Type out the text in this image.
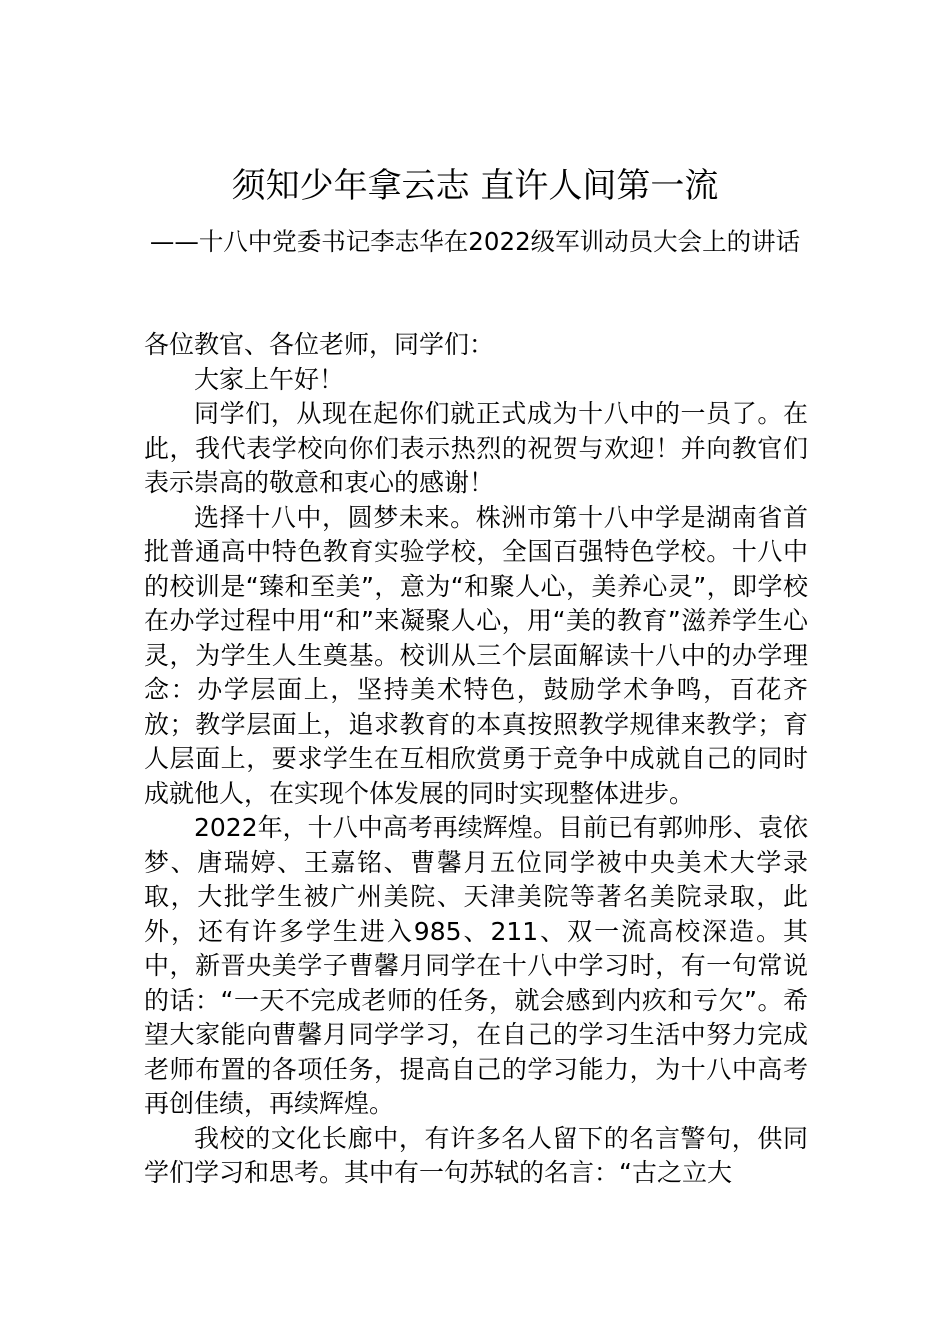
须知少年拿云志 直许人间第一流
——十八中党委书记李志华在2022级军训动员大会上的讲话

各位教官、各位老师，同学们：

大家上午好！

同学们，从现在起你们就正式成为十八中的一员了。在此，我代表学校向你们表示热烈的祝贺与欢迎！并向教官们表示崇高的敬意和衷心的感谢！

选择十八中，圆梦未来。株洲市第十八中学是湖南省首批普通高中特色教育实验学校，全国百强特色学校。十八中的校训是“臻和至美”，意为“和聚人心，美养心灵”，即学校在办学过程中用“和”来凝聚人心，用“美的教育”滋养学生心灵，为学生人生奠基。校训从三个层面解读十八中的办学理念：办学层面上，坚持美术特色，鼓励学术争鸣，百花齐放；教学层面上，追求教育的本真按照教学规律来教学；育人层面上，要求学生在互相欣赏勇于竞争中成就自己的同时成就他人，在实现个体发展的同时实现整体进步。

2022年，十八中高考再续辉煌。目前已有郭帅彤、袁依梦、唐瑞婷、王嘉铭、曹馨月五位同学被中央美术大学录取，大批学生被广州美院、天津美院等著名美院录取，此外，还有许多学生进入985、211、双一流高校深造。其中，新晋央美学子曹馨月同学在十八中学习时，有一句常说的话：“一天不完成老师的任务，就会感到内疚和亏欠”。希望大家能向曹馨月同学学习，在自己的学习生活中努力完成老师布置的各项任务，提高自己的学习能力，为十八中高考再创佳绩，再续辉煌。

我校的文化长廊中，有许多名人留下的名言警句，供同学们学习和思考。其中有一句苏轼的名言：“古之立大
